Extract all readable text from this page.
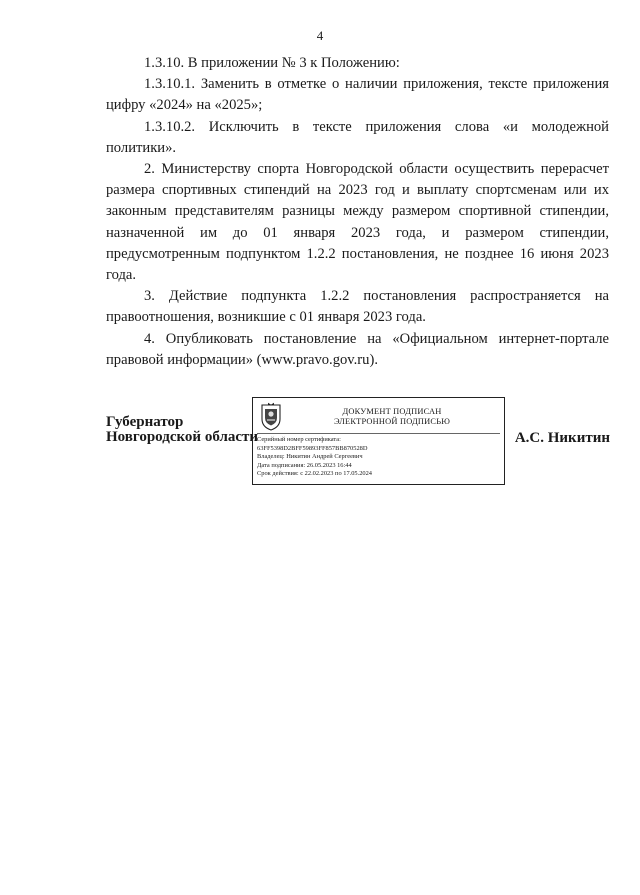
4

1.3.10. В приложении № 3 к Положению:

1.3.10.1. Заменить в отметке о наличии приложения, тексте приложения цифру «2024» на «2025»;

1.3.10.2. Исключить в тексте приложения слова «и молодежной политики».

2. Министерству спорта Новгородской области осуществить перерасчет размера спортивных стипендий на 2023 год и выплату спортсменам или их законным представителям разницы между размером спортивной стипендии, назначенной им до 01 января 2023 года, и размером стипендии, предусмотренным подпунктом 1.2.2 постановления, не позднее 16 июня 2023 года.

3. Действие подпункта 1.2.2 постановления распространяется на правоотношения, возникшие с 01 января 2023 года.

4. Опубликовать постановление на «Официальном интернет-портале правовой информации» (www.pravo.gov.ru).

Губернатор
Новгородской области
ДОКУМЕНТ ПОДПИСАН
ЭЛЕКТРОННОЙ ПОДПИСЬЮ
Серийный номер сертификата:
63FF5398D2BFF59893FF857BB870528D
Владелец: Никитин Андрей Сергеевич
Дата подписания: 26.05.2023 16:44
Срок действия: с 22.02.2023 по 17.05.2024
А.С. Никитин
